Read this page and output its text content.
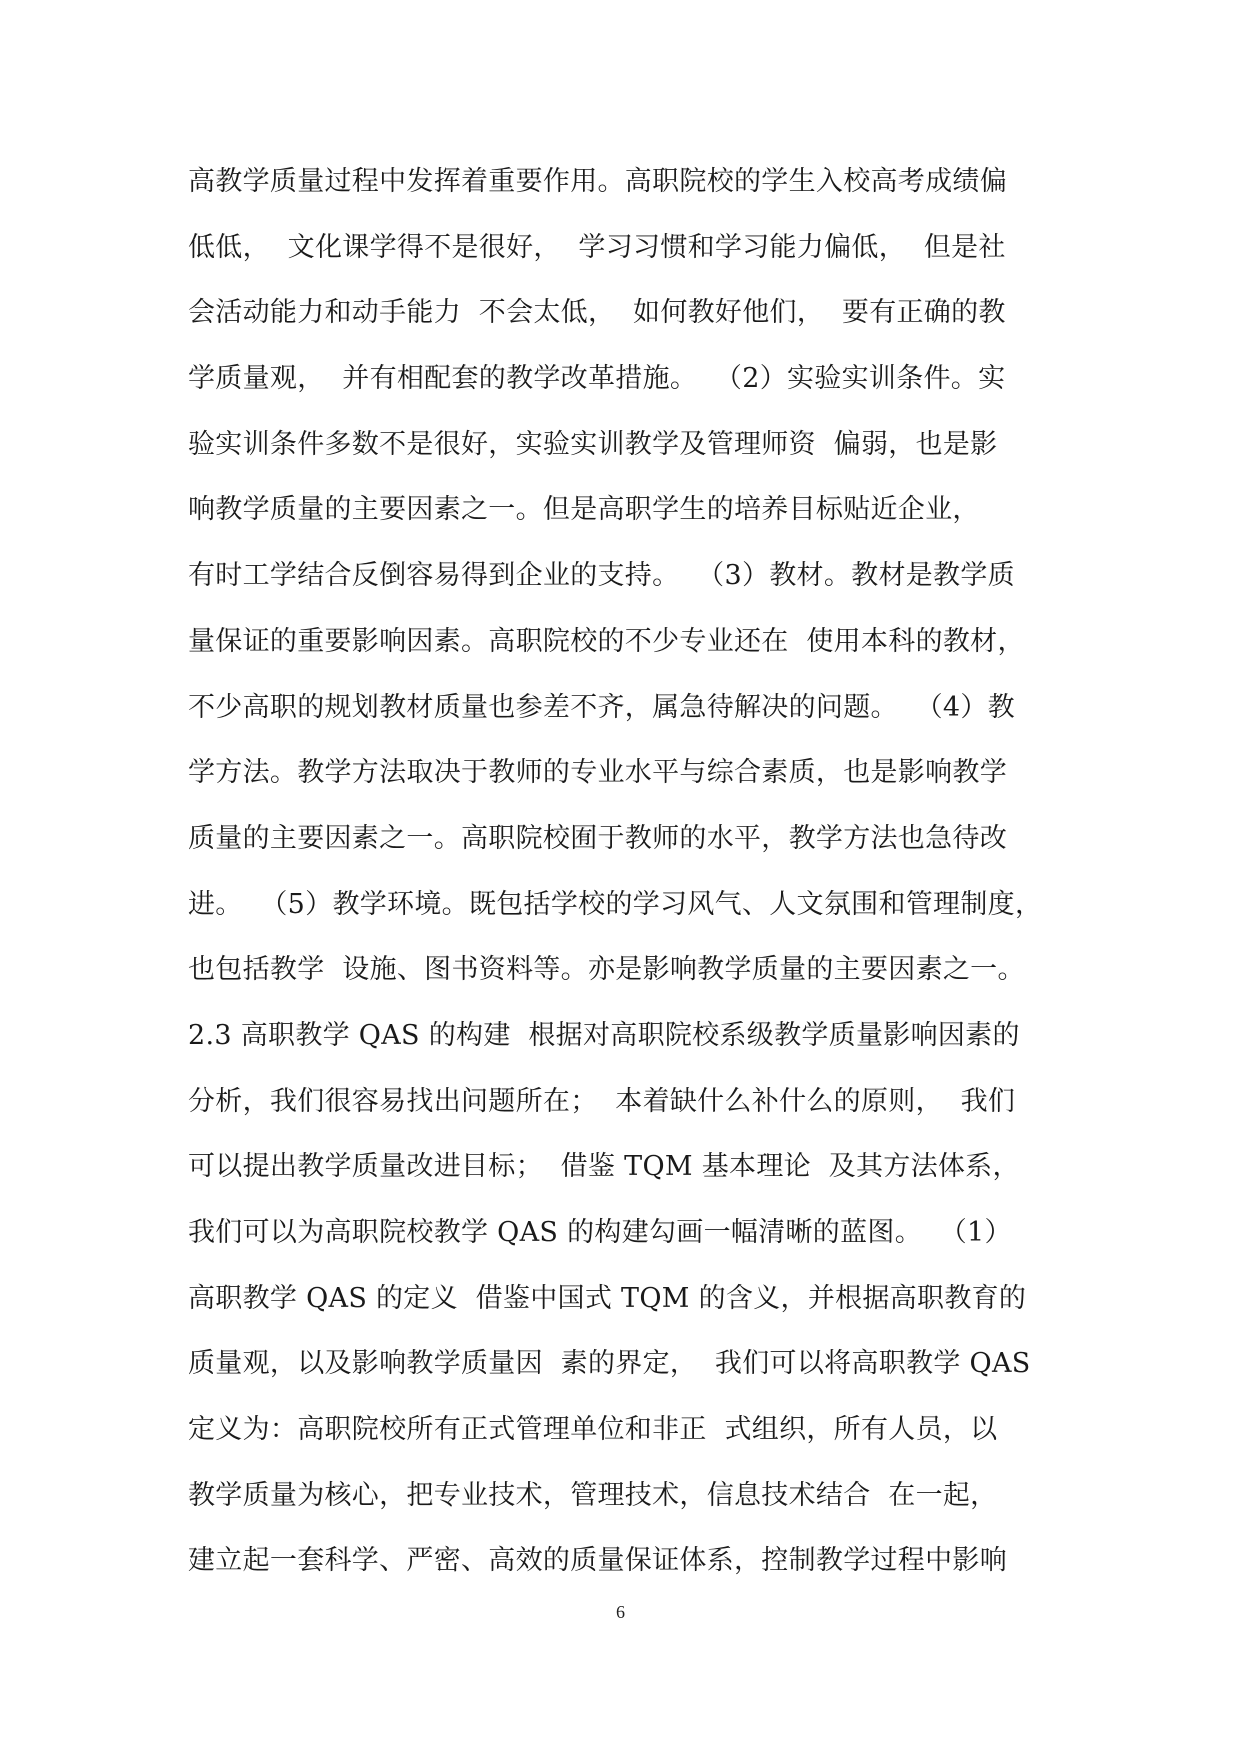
高教学质量过程中发挥着重要作用。高职院校的学生入校高考成绩偏
低低，  文化课学得不是很好，  学习习惯和学习能力偏低，  但是社
会活动能力和动手能力  不会太低，  如何教好他们，  要有正确的教
学质量观，  并有相配套的教学改革措施。  （2）实验实训条件。实
验实训条件多数不是很好，实验实训教学及管理师资  偏弱，也是影
响教学质量的主要因素之一。但是高职学生的培养目标贴近企业，
有时工学结合反倒容易得到企业的支持。  （3）教材。教材是教学质
量保证的重要影响因素。高职院校的不少专业还在  使用本科的教材，
不少高职的规划教材质量也参差不齐，属急待解决的问题。  （4）教
学方法。教学方法取决于教师的专业水平与综合素质，也是影响教学
质量的主要因素之一。高职院校囿于教师的水平，教学方法也急待改
进。  （5）教学环境。既包括学校的学习风气、人文氛围和管理制度，
也包括教学  设施、图书资料等。亦是影响教学质量的主要因素之一。
2.3 高职教学 QAS 的构建  根据对高职院校系级教学质量影响因素的
分析，我们很容易找出问题所在；  本着缺什么补什么的原则，  我们
可以提出教学质量改进目标；  借鉴 TQM 基本理论  及其方法体系，
我们可以为高职院校教学 QAS 的构建勾画一幅清晰的蓝图。  （1）
高职教学 QAS 的定义  借鉴中国式 TQM 的含义，并根据高职教育的
质量观，以及影响教学质量因  素的界定，  我们可以将高职教学 QAS
定义为：高职院校所有正式管理单位和非正  式组织，所有人员，以
教学质量为核心，把专业技术，管理技术，信息技术结合  在一起，
建立起一套科学、严密、高效的质量保证体系，控制教学过程中影响
6
